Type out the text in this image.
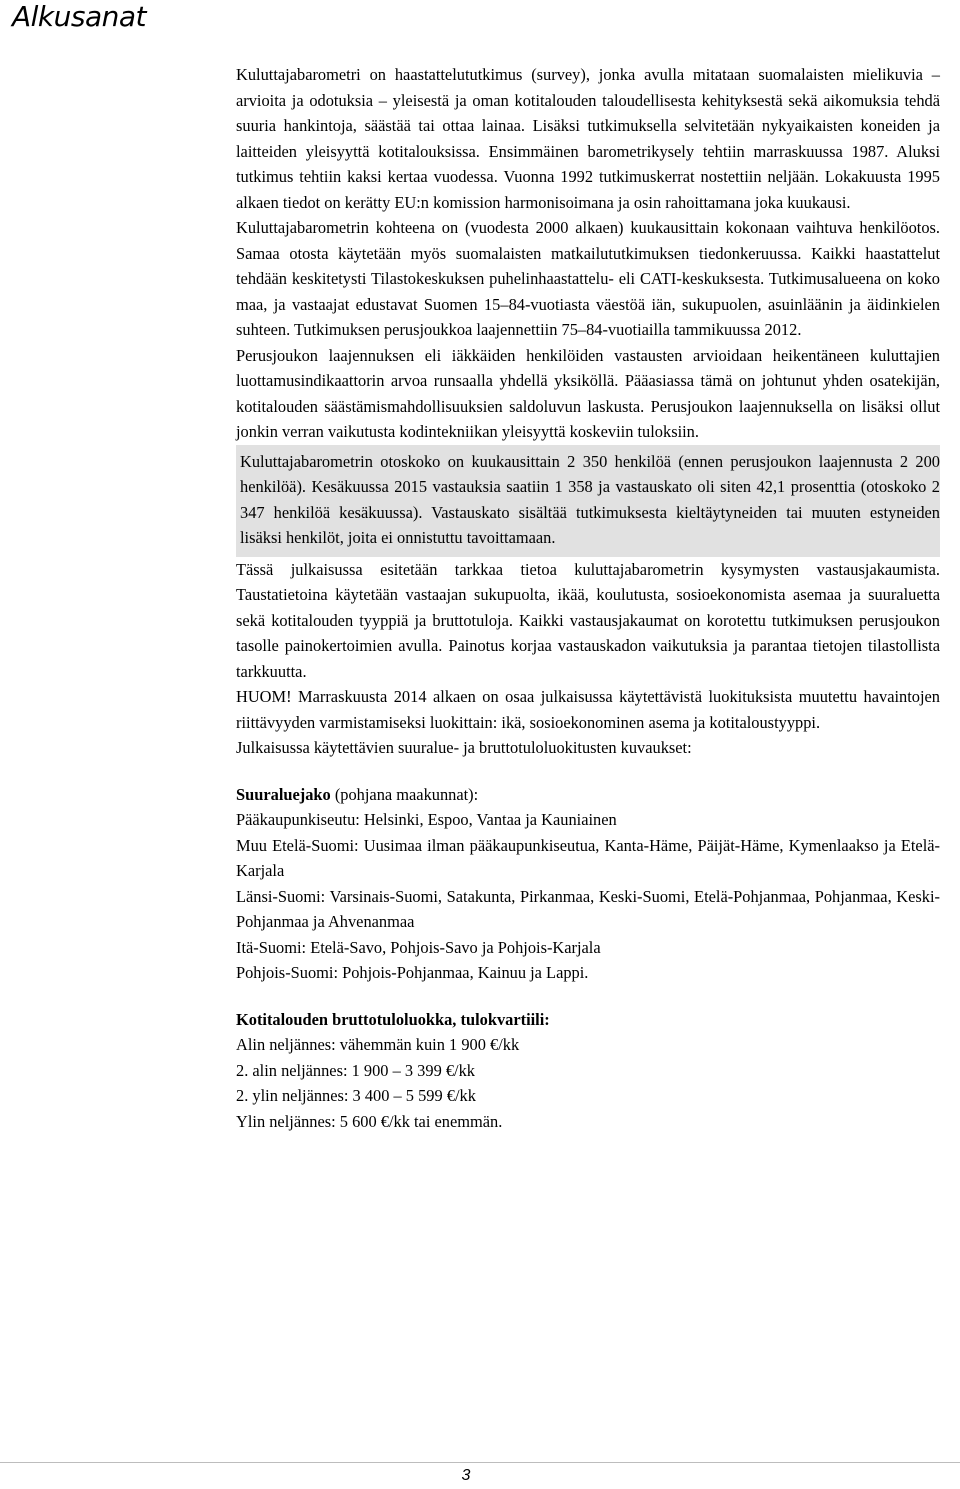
Alkusanat

Kuluttajabarometri on haastattelututkimus (survey), jonka avulla mitataan suomalaisten mielikuvia – arvioita ja odotuksia – yleisestä ja oman kotitalouden taloudellisesta kehityksestä sekä aikomuksia tehdä suuria hankintoja, säästää tai ottaa lainaa. Lisäksi tutkimuksella selvitetään nykyaikaisten koneiden ja laitteiden yleisyyttä kotitalouksissa. Ensimmäinen barometrikysely tehtiin marraskuussa 1987. Aluksi tutkimus tehtiin kaksi kertaa vuodessa. Vuonna 1992 tutkimuskerrat nostettiin neljään. Lokakuusta 1995 alkaen tiedot on kerätty EU:n komission harmonisoimana ja osin rahoittamana joka kuukausi.

Kuluttajabarometrin kohteena on (vuodesta 2000 alkaen) kuukausittain kokonaan vaihtuva henkilöotos. Samaa otosta käytetään myös suomalaisten matkailututkimuksen tiedonkeruussa. Kaikki haastattelut tehdään keskitetysti Tilastokeskuksen puhelinhaastattelu- eli CATI-keskuksesta. Tutkimusalueena on koko maa, ja vastaajat edustavat Suomen 15–84-vuotiasta väestöä iän, sukupuolen, asuinläänin ja äidinkielen suhteen. Tutkimuksen perusjoukkoa laajennettiin 75–84-vuotiailla tammikuussa 2012.

Perusjoukon laajennuksen eli iäkkäiden henkilöiden vastausten arvioidaan heikentäneen kuluttajien luottamusindikaattorin arvoa runsaalla yhdellä yksiköllä. Pääasiassa tämä on johtunut yhden osatekijän, kotitalouden säästämismahdollisuuksien saldoluvun laskusta. Perusjoukon laajennuksella on lisäksi ollut jonkin verran vaikutusta kodintekniikan yleisyyttä koskeviin tuloksiin.

Kuluttajabarometrin otoskoko on kuukausittain 2 350 henkilöä (ennen perusjoukon laajennusta 2 200 henkilöä). Kesäkuussa 2015 vastauksia saatiin 1 358 ja vastauskato oli siten 42,1 prosenttia (otoskoko 2 347 henkilöä kesäkuussa). Vastauskato sisältää tutkimuksesta kieltäytyneiden tai muuten estyneiden lisäksi henkilöt, joita ei onnistuttu tavoittamaan.

Tässä julkaisussa esitetään tarkkaa tietoa kuluttajabarometrin kysymysten vastausjakaumista. Taustatietoina käytetään vastaajan sukupuolta, ikää, koulutusta, sosioekonomista asemaa ja suuraluetta sekä kotitalouden tyyppiä ja bruttotuloja. Kaikki vastausjakaumat on korotettu tutkimuksen perusjoukon tasolle painokertoimien avulla. Painotus korjaa vastauskadon vaikutuksia ja parantaa tietojen tilastollista tarkkuutta.

HUOM! Marraskuusta 2014 alkaen on osaa julkaisussa käytettävistä luokituksista muutettu havaintojen riittävyyden varmistamiseksi luokittain: ikä, sosioekonominen asema ja kotitaloustyyppi.

Julkaisussa käytettävien suuralue- ja bruttotuloluokitusten kuvaukset:

Suuraluejako (pohjana maakunnat):
Pääkaupunkiseutu: Helsinki, Espoo, Vantaa ja Kauniainen
Muu Etelä-Suomi: Uusimaa ilman pääkaupunkiseutua, Kanta-Häme, Päijät-Häme, Kymenlaakso ja Etelä-Karjala
Länsi-Suomi: Varsinais-Suomi, Satakunta, Pirkanmaa, Keski-Suomi, Etelä-Pohjanmaa, Pohjanmaa, Keski-Pohjanmaa ja Ahvenanmaa
Itä-Suomi: Etelä-Savo, Pohjois-Savo ja Pohjois-Karjala
Pohjois-Suomi: Pohjois-Pohjanmaa, Kainuu ja Lappi.
Kotitalouden bruttotuloluokka, tulokvartiili:
Alin neljännes: vähemmän kuin 1 900 €/kk
2. alin neljännes: 1 900 – 3 399 €/kk
2. ylin neljännes: 3 400 – 5 599 €/kk
Ylin neljännes: 5 600 €/kk tai enemmän.
3
